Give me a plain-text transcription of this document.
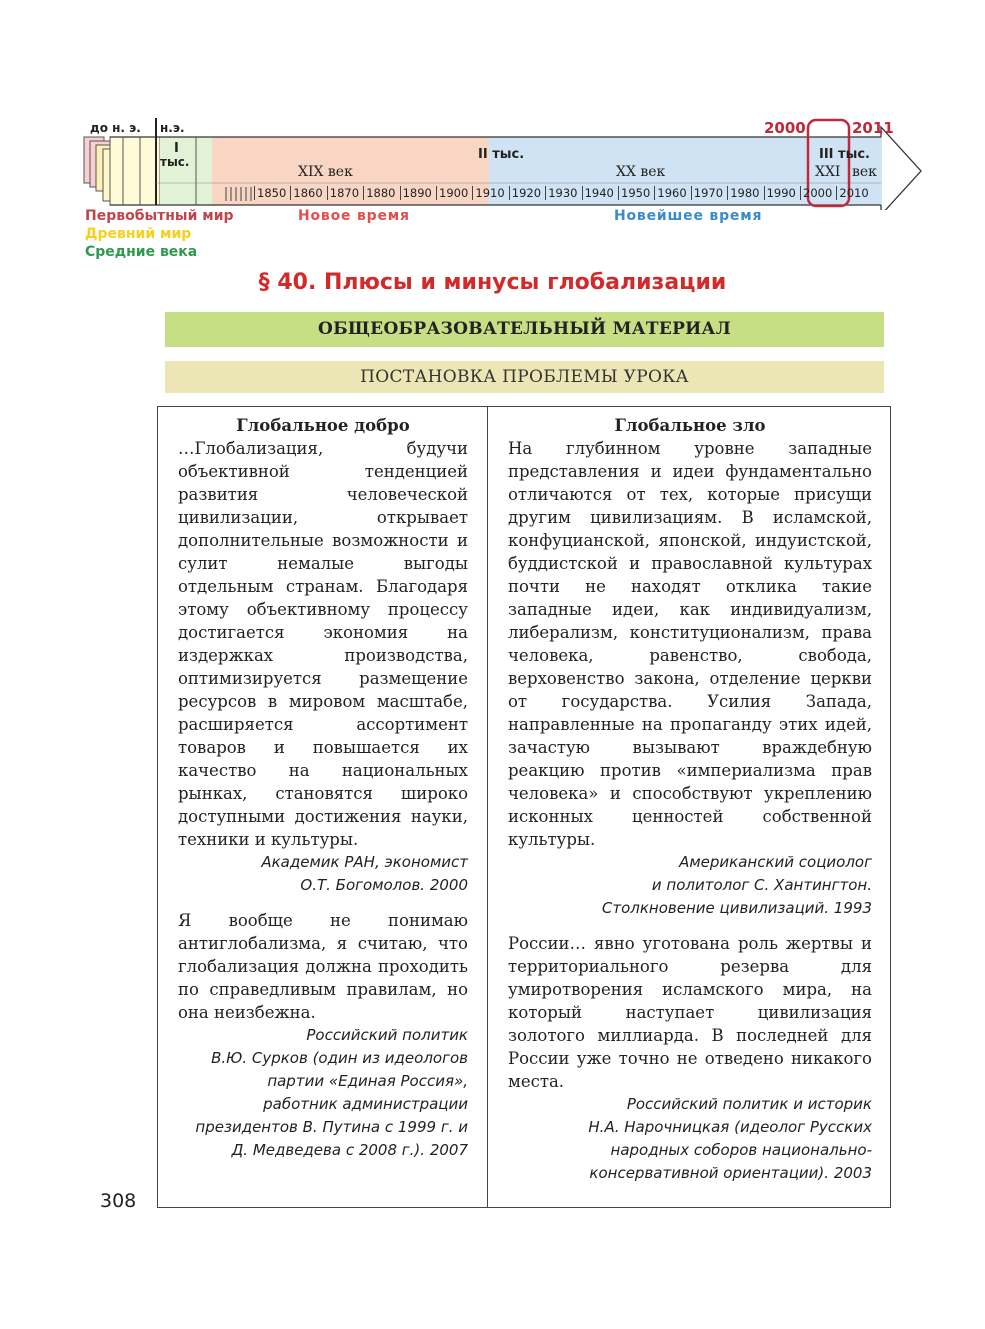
до н. э. н.э.
I
тыс.	II тыс.	III тыс.
XIX век	XX век	XXI век
2000	2011
1850 1860 1870 1880 1890 1900 1910 1920 1930 1940 1950 1960 1970 1980 1990 2000 2010
Первобытный мир
Древний мир
Средние века
Новое время	Новейшее время
§ 40. Плюсы и минусы глобализации
ОБЩЕОБРАЗОВАТЕЛЬНЫЙ МАТЕРИАЛ
ПОСТАНОВКА ПРОБЛЕМЫ УРОКА
Глобальное добро

…Глобализация, будучи объективной тенденцией развития человеческой цивилизации, открывает дополнительные возможности и сулит немалые выгоды отдельным странам. Благодаря этому объективному процессу достигается экономия на издержках производства, оптимизируется размещение ресурсов в мировом масштабе, расширяется ассортимент товаров и повышается их качество на национальных рынках, становятся широко доступными достижения науки, техники и культуры.

Академик РАН, экономист

О.Т. Богомолов. 2000

Я вообще не понимаю антиглобализма, я считаю, что глобализация должна проходить по справедливым правилам, но она неизбежна.

Российский политик

В.Ю. Сурков (один из идеологов партии «Единая Россия»,

работник администрации президентов В. Путина с 1999 г. и

Д. Медведева с 2008 г.). 2007

Глобальное зло

На глубинном уровне западные представления и идеи фундаментально отличаются от тех, которые присущи другим цивилизациям. В исламской, конфуцианской, японской, индуистской, буддистской и православной культурах почти не находят отклика такие западные идеи, как индивидуализм, либерализм, конституционализм, права человека, равенство, свобода, верховенство закона, отделение церкви от государства. Усилия Запада, направленные на пропаганду этих идей, зачастую вызывают враждебную реакцию против «империализма прав человека» и способствуют укреплению исконных ценностей собственной культуры.

Американский социолог

и политолог С. Хантингтон.

Столкновение цивилизаций. 1993

России… явно уготована роль жертвы и территориального резерва для умиротворения исламского мира, на который наступает цивилизация золотого миллиарда. В последней для России уже точно не отведено никакого места.

Российский политик и историк

Н.А. Нарочницкая (идеолог Русских

народных соборов национально-

консервативной ориентации). 2003

308
